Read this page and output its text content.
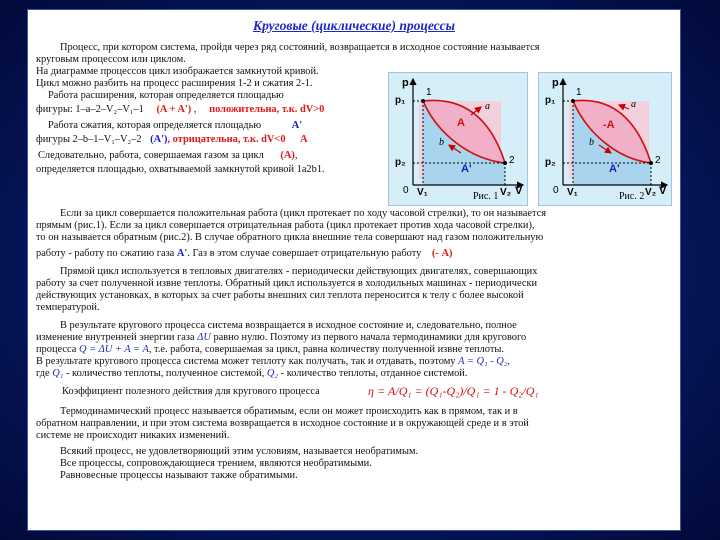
Круговые (циклические) процессы
Процесс, при котором система, пройдя через ряд состояний, возвращается в исходное состояние называется
круговым процессом или циклом.
На диаграмме процессов цикл изображается замкнутой кривой.
Цикл можно разбить на процесс расширения 1-2 и сжатия 2-1.
Работа расширения, которая определяется площадью
фигуры: 1–a–2–V₂–V₁–1 (A + A') , положительна, т.к. dV>0
Работа сжатия, которая определяется площадью	A'
фигуры 2–b–1–V₁–V₂–2 (A'), отрицательна, т.к. dV<0 A
Следовательно, работа, совершаемая газом за цикл (A),
определяется площадью, охватываемой замкнутой кривой 1a2b1.
p
V
p₁
p₂
V₁	V₂
0
1
2
a
b
A
A'
Рис. 1
p
V
p₁
p₂
V₁	V₂
0
1
2
a
b
-A
A'
Рис. 2
Если за цикл совершается положительная работа (цикл протекает по ходу часовой стрелки), то он называется
прямым (рис.1). Если за цикл совершается отрицательная работа (цикл протекает против хода часовой стрелки),
то он называется обратным (рис.2). В случае обратного цикла внешние тела совершают над газом положительную
работу - работу по сжатию газа A'. Газ в этом случае совершает отрицательную работу (- A)
Прямой цикл используется в тепловых двигателях - периодически действующих двигателях, совершающих
работу за счет полученной извне теплоты. Обратный цикл используется в холодильных машинах - периодически
действующих установках, в которых за счет работы внешних сил теплота переносится к телу с более высокой
температурой.
В результате кругового процесса система возвращается в исходное состояние и, следовательно, полное
изменение внутренней энергии газа ΔU равно нулю. Поэтому из первого начала термодинамики для кругового
процесса Q = ΔU + A = A, т.е. работа, совершаемая за цикл, равна количеству полученной извне теплоты.
В результате кругового процесса система может теплоту как получать, так и отдавать, поэтому A = Q₁ - Q₂,
где Q₁ - количество теплоты, полученное системой, Q₂ - количество теплоты, отданное системой.
Коэффициент полезного действия для кругового процесса	η = A/Q₁ = (Q₁-Q₂)/Q₁ = 1 - Q₂/Q₁
Термодинамический процесс называется обратимым, если он может происходить как в прямом, так и в
обратном направлении, и при этом система возвращается в исходное состояние и в окружающей среде и в этой
системе не происходит никаких изменений.
Всякий процесс, не удовлетворяющий этим условиям, называется необратимым.
Все процессы, сопровождающиеся трением, являются необратимыми.
Равновесные процессы называют также обратимыми.
